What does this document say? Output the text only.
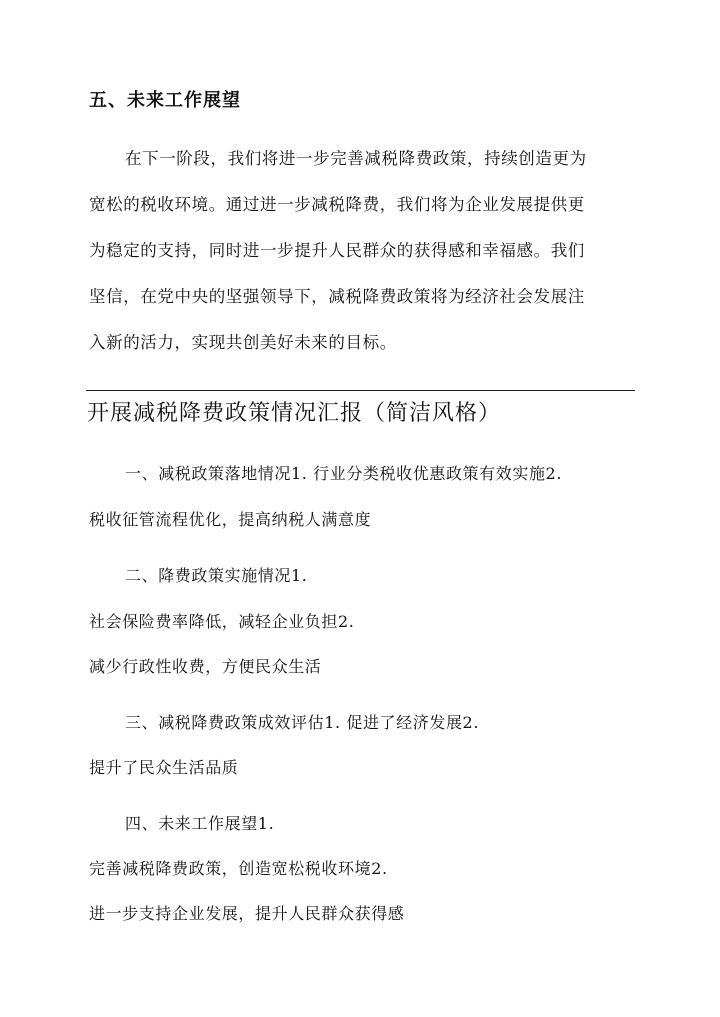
五、未来工作展望
在下一阶段，我们将进一步完善减税降费政策，持续创造更为
宽松的税收环境。通过进一步减税降费，我们将为企业发展提供更
为稳定的支持，同时进一步提升人民群众的获得感和幸福感。我们
坚信，在党中央的坚强领导下，减税降费政策将为经济社会发展注
入新的活力，实现共创美好未来的目标。
开展减税降费政策情况汇报（简洁风格）
一、减税政策落地情况1. 行业分类税收优惠政策有效实施2.
税收征管流程优化，提高纳税人满意度
二、降费政策实施情况1.
社会保险费率降低，减轻企业负担2.
减少行政性收费，方便民众生活
三、减税降费政策成效评估1. 促进了经济发展2.
提升了民众生活品质
四、未来工作展望1.
完善减税降费政策，创造宽松税收环境2.
进一步支持企业发展，提升人民群众获得感
